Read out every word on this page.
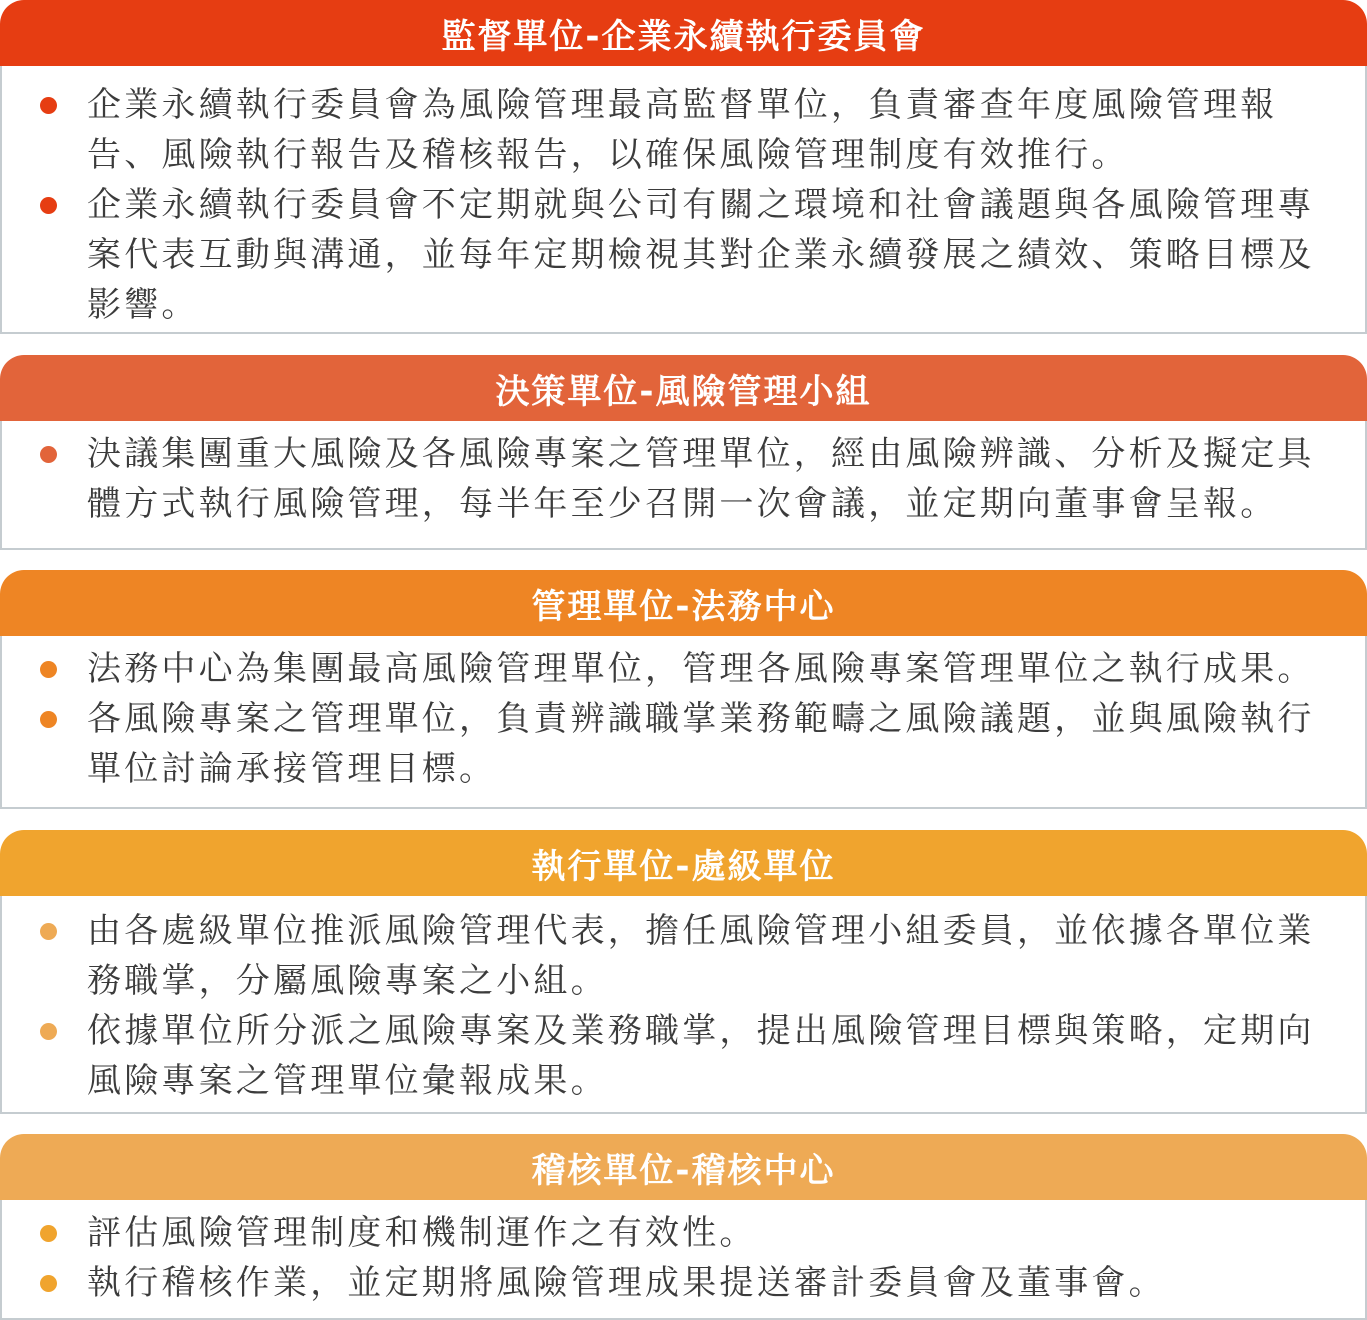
監督單位-企業永續執行委員會
企業永續執行委員會為風險管理最高監督單位，負責審查年度風險管理報告、風險執行報告及稽核報告，以確保風險管理制度有效推行。
企業永續執行委員會不定期就與公司有關之環境和社會議題與各風險管理專案代表互動與溝通，並每年定期檢視其對企業永續發展之績效、策略目標及影響。
決策單位-風險管理小組
決議集團重大風險及各風險專案之管理單位，經由風險辨識、分析及擬定具體方式執行風險管理，每半年至少召開一次會議，並定期向董事會呈報。
管理單位-法務中心
法務中心為集團最高風險管理單位，管理各風險專案管理單位之執行成果。
各風險專案之管理單位，負責辨識職掌業務範疇之風險議題，並與風險執行單位討論承接管理目標。
執行單位-處級單位
由各處級單位推派風險管理代表，擔任風險管理小組委員，並依據各單位業務職掌，分屬風險專案之小組。
依據單位所分派之風險專案及業務職掌，提出風險管理目標與策略，定期向風險專案之管理單位彙報成果。
稽核單位-稽核中心
評估風險管理制度和機制運作之有效性。
執行稽核作業，並定期將風險管理成果提送審計委員會及董事會。
